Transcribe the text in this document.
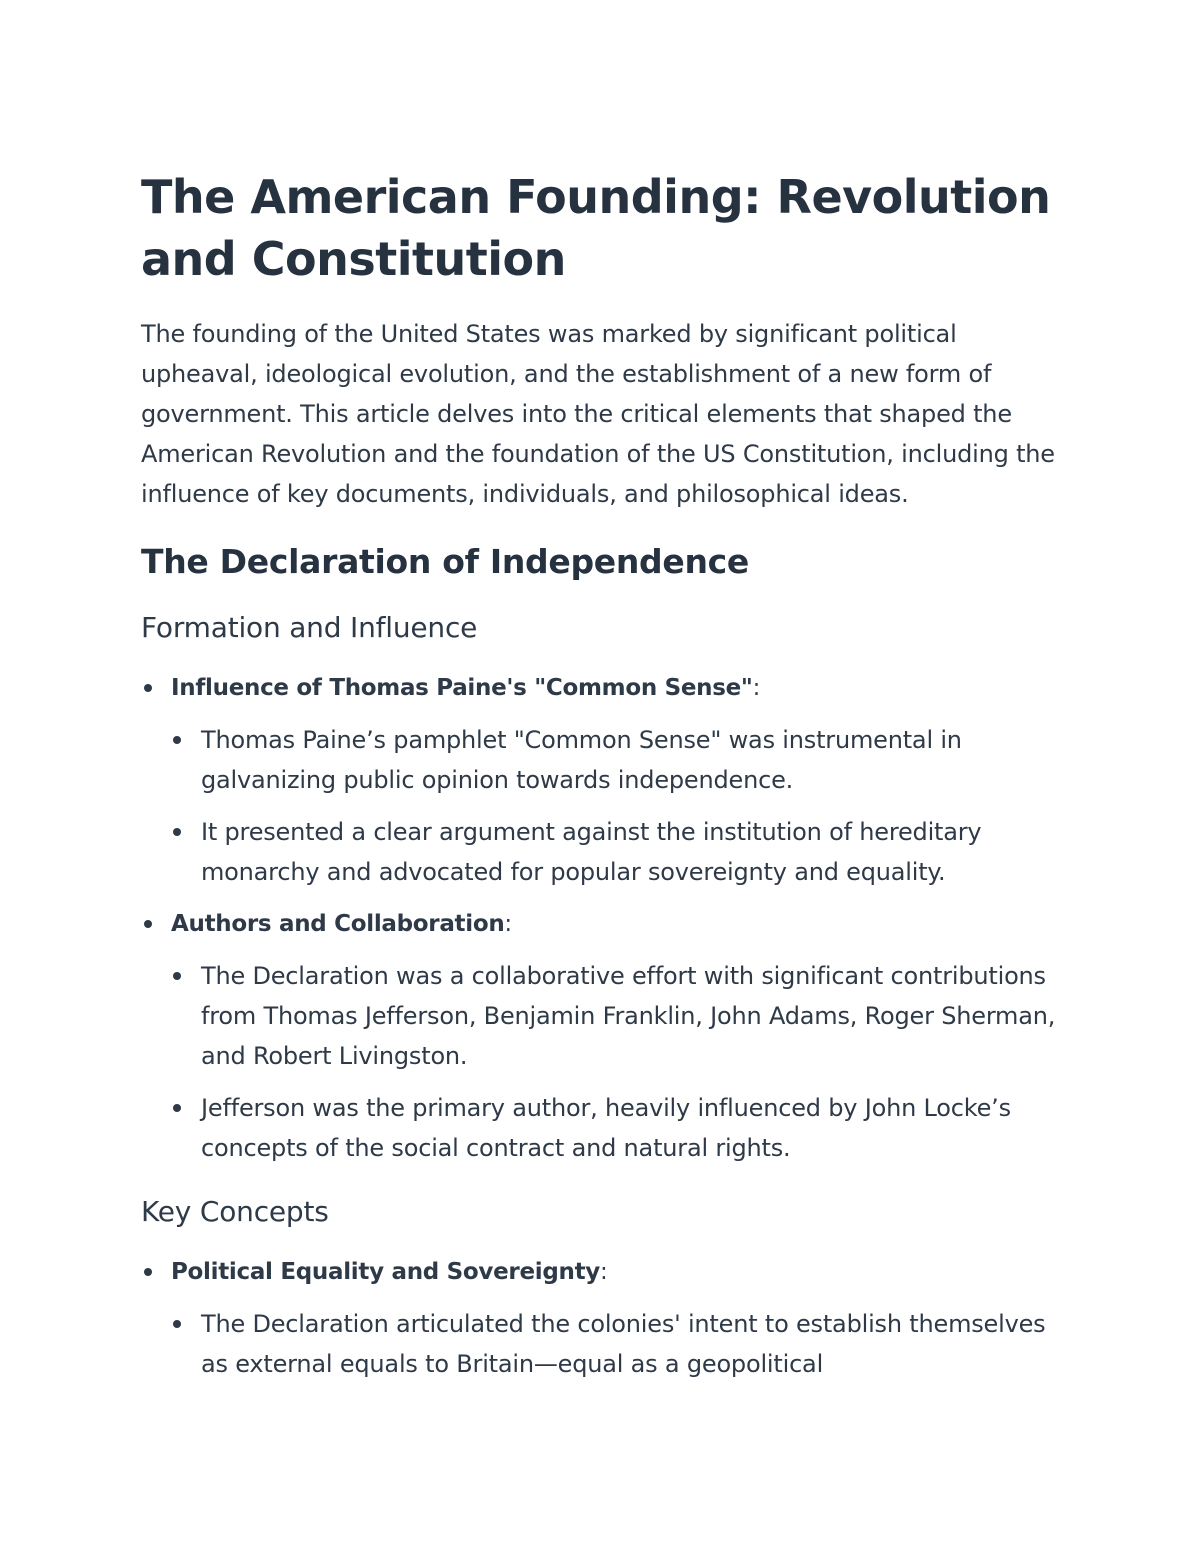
The American Founding: Revolution and Constitution

The founding of the United States was marked by significant political upheaval, ideological evolution, and the establishment of a new form of government. This article delves into the critical elements that shaped the American Revolution and the foundation of the US Constitution, including the influence of key documents, individuals, and philosophical ideas.

The Declaration of Independence
Formation and Influence
Influence of Thomas Paine's "Common Sense":
Thomas Paine’s pamphlet "Common Sense" was instrumental in galvanizing public opinion towards independence.
It presented a clear argument against the institution of hereditary monarchy and advocated for popular sovereignty and equality.
Authors and Collaboration:
The Declaration was a collaborative effort with significant contributions from Thomas Jefferson, Benjamin Franklin, John Adams, Roger Sherman, and Robert Livingston.
Jefferson was the primary author, heavily influenced by John Locke’s concepts of the social contract and natural rights.
Key Concepts
Political Equality and Sovereignty:
The Declaration articulated the colonies' intent to establish themselves as external equals to Britain—equal as a geopolitical
